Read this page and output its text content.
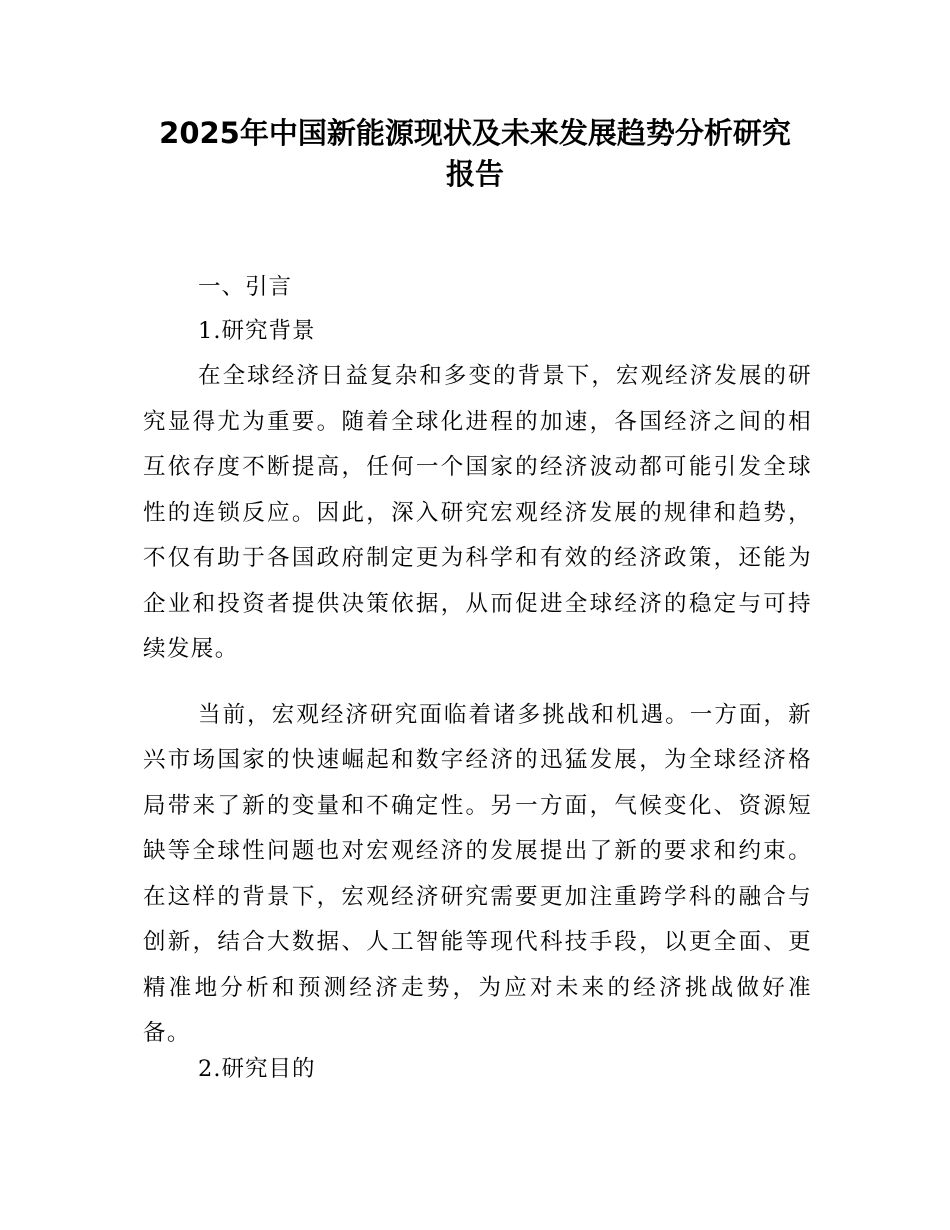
2025年中国新能源现状及未来发展趋势分析研究
报告

一、引言

1.研究背景

在全球经济日益复杂和多变的背景下，宏观经济发展的研究显得尤为重要。随着全球化进程的加速，各国经济之间的相互依存度不断提高，任何一个国家的经济波动都可能引发全球性的连锁反应。因此，深入研究宏观经济发展的规律和趋势，不仅有助于各国政府制定更为科学和有效的经济政策，还能为企业和投资者提供决策依据，从而促进全球经济的稳定与可持续发展。

当前，宏观经济研究面临着诸多挑战和机遇。一方面，新兴市场国家的快速崛起和数字经济的迅猛发展，为全球经济格局带来了新的变量和不确定性。另一方面，气候变化、资源短缺等全球性问题也对宏观经济的发展提出了新的要求和约束。在这样的背景下，宏观经济研究需要更加注重跨学科的融合与创新，结合大数据、人工智能等现代科技手段，以更全面、更精准地分析和预测经济走势，为应对未来的经济挑战做好准备。

2.研究目的
